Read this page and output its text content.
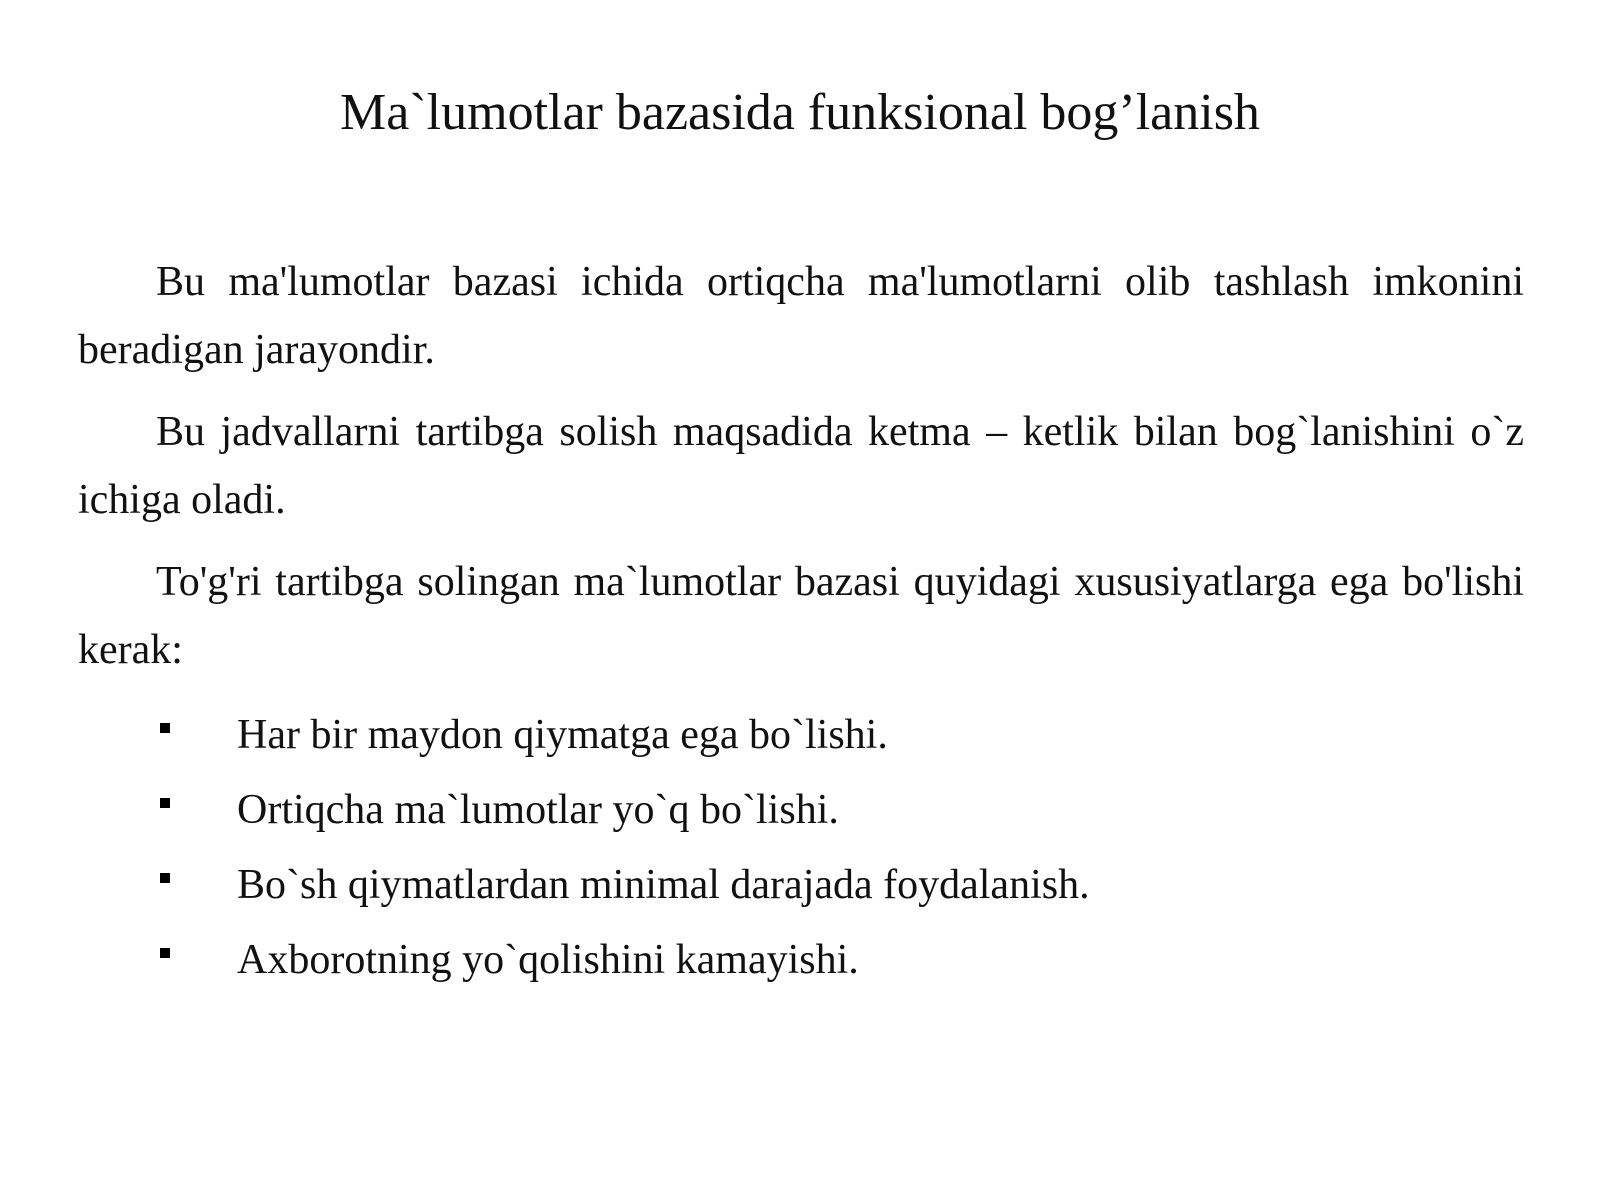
Ma`lumotlar bazasida funksional bog’lanish

Bu ma'lumotlar bazasi ichida ortiqcha ma'lumotlarni olib tashlash imkonini beradigan jarayondir.

Bu jadvallarni tartibga solish maqsadida ketma – ketlik bilan bog`lanishini o`z ichiga oladi.

To'g'ri tartibga solingan ma`lumotlar bazasi quyidagi xususiyatlarga ega bo'lishi kerak:

Har bir maydon qiymatga ega bo`lishi.
Ortiqcha ma`lumotlar yo`q bo`lishi.
Bo`sh qiymatlardan minimal darajada foydalanish.
Axborotning yo`qolishini kamayishi.
